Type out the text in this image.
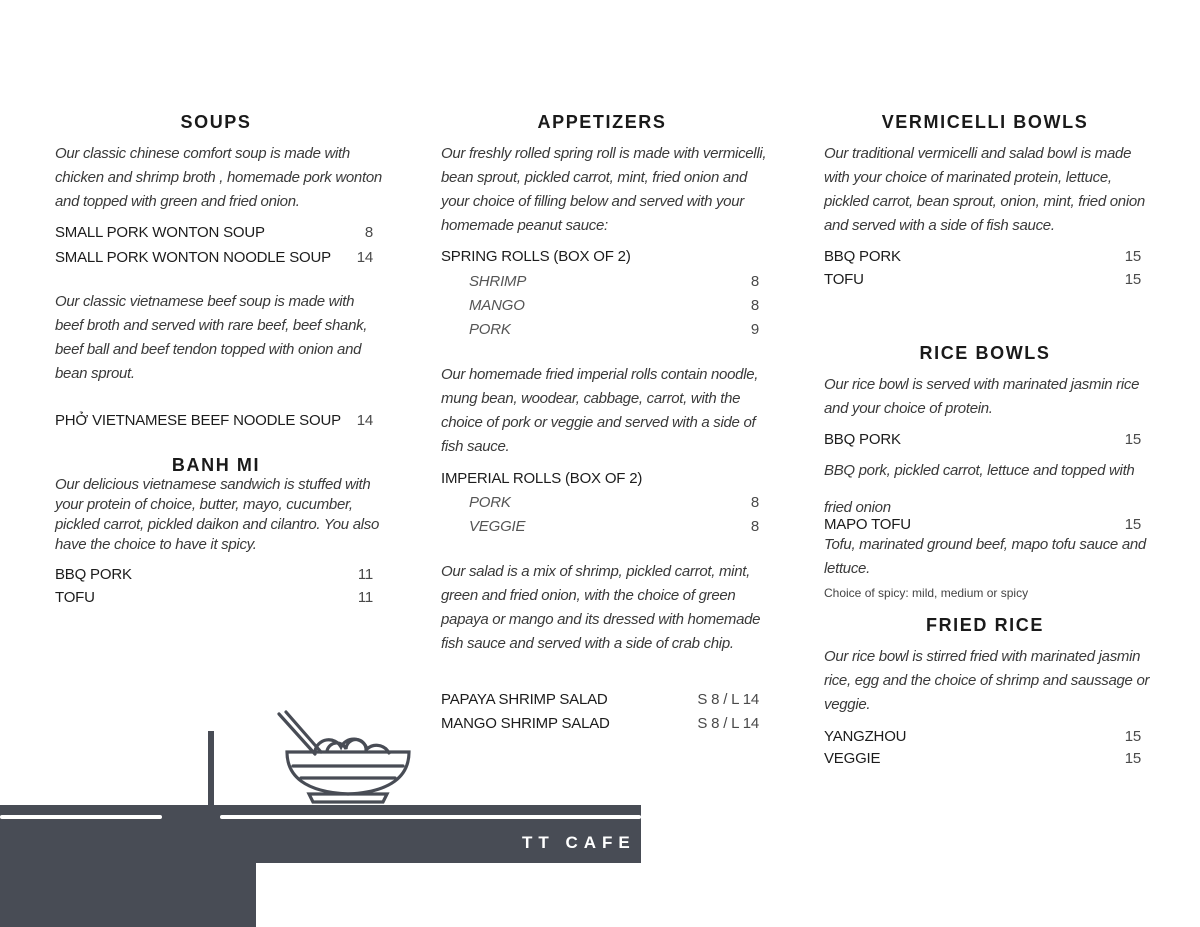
SOUPS

Our classic chinese comfort soup is made with chicken and shrimp broth , homemade pork wonton and topped with green and fried onion.

SMALL PORK WONTON SOUP	8
SMALL PORK WONTON NOODLE SOUP 14

Our classic vietnamese beef soup is made with beef broth and served with rare beef, beef shank, beef ball and beef tendon topped with onion and bean sprout.

PHỞ VIETNAMESE BEEF NOODLE SOUP 14
BANH MI

Our delicious vietnamese sandwich is stuffed with your protein of choice, butter, mayo, cucumber, pickled carrot, pickled daikon and cilantro. You also have the choice to have it spicy.

BBQ PORK	11
TOFU	11
APPETIZERS

Our freshly rolled spring roll is made with vermicelli, bean sprout, pickled carrot, mint, fried onion and your choice of filling below and served with your homemade peanut sauce:

SPRING ROLLS (BOX OF 2)
SHRIMP	8
MANGO	8
PORK	9

Our homemade fried imperial rolls contain noodle, mung bean, woodear, cabbage, carrot, with the choice of pork or veggie and served with a side of fish sauce.

IMPERIAL ROLLS (BOX OF 2)
PORK	8
VEGGIE	8

Our salad is a mix of shrimp, pickled carrot, mint, green and fried onion, with the choice of green papaya or mango and its dressed with homemade fish sauce and served with a side of crab chip.

PAPAYA SHRIMP SALAD	S 8 / L 14
MANGO SHRIMP SALAD	S 8 / L 14
VERMICELLI BOWLS

Our traditional vermicelli and salad bowl is made with your choice of marinated protein, lettuce, pickled carrot, bean sprout, onion, mint, fried onion and served with a side of fish sauce.

BBQ PORK	15
TOFU	15
RICE BOWLS

Our rice bowl is served with marinated jasmin rice and your choice of protein.

BBQ PORK	15

BBQ pork, pickled carrot, lettuce and topped with fried onion

MAPO TOFU	15

Tofu, marinated ground beef, mapo tofu sauce and lettuce.

Choice of spicy: mild, medium or spicy
FRIED RICE

Our rice bowl is stirred fried with marinated jasmin rice, egg and the choice of shrimp and saussage or veggie.

YANGZHOU	15
VEGGIE	15
TT CAFE
